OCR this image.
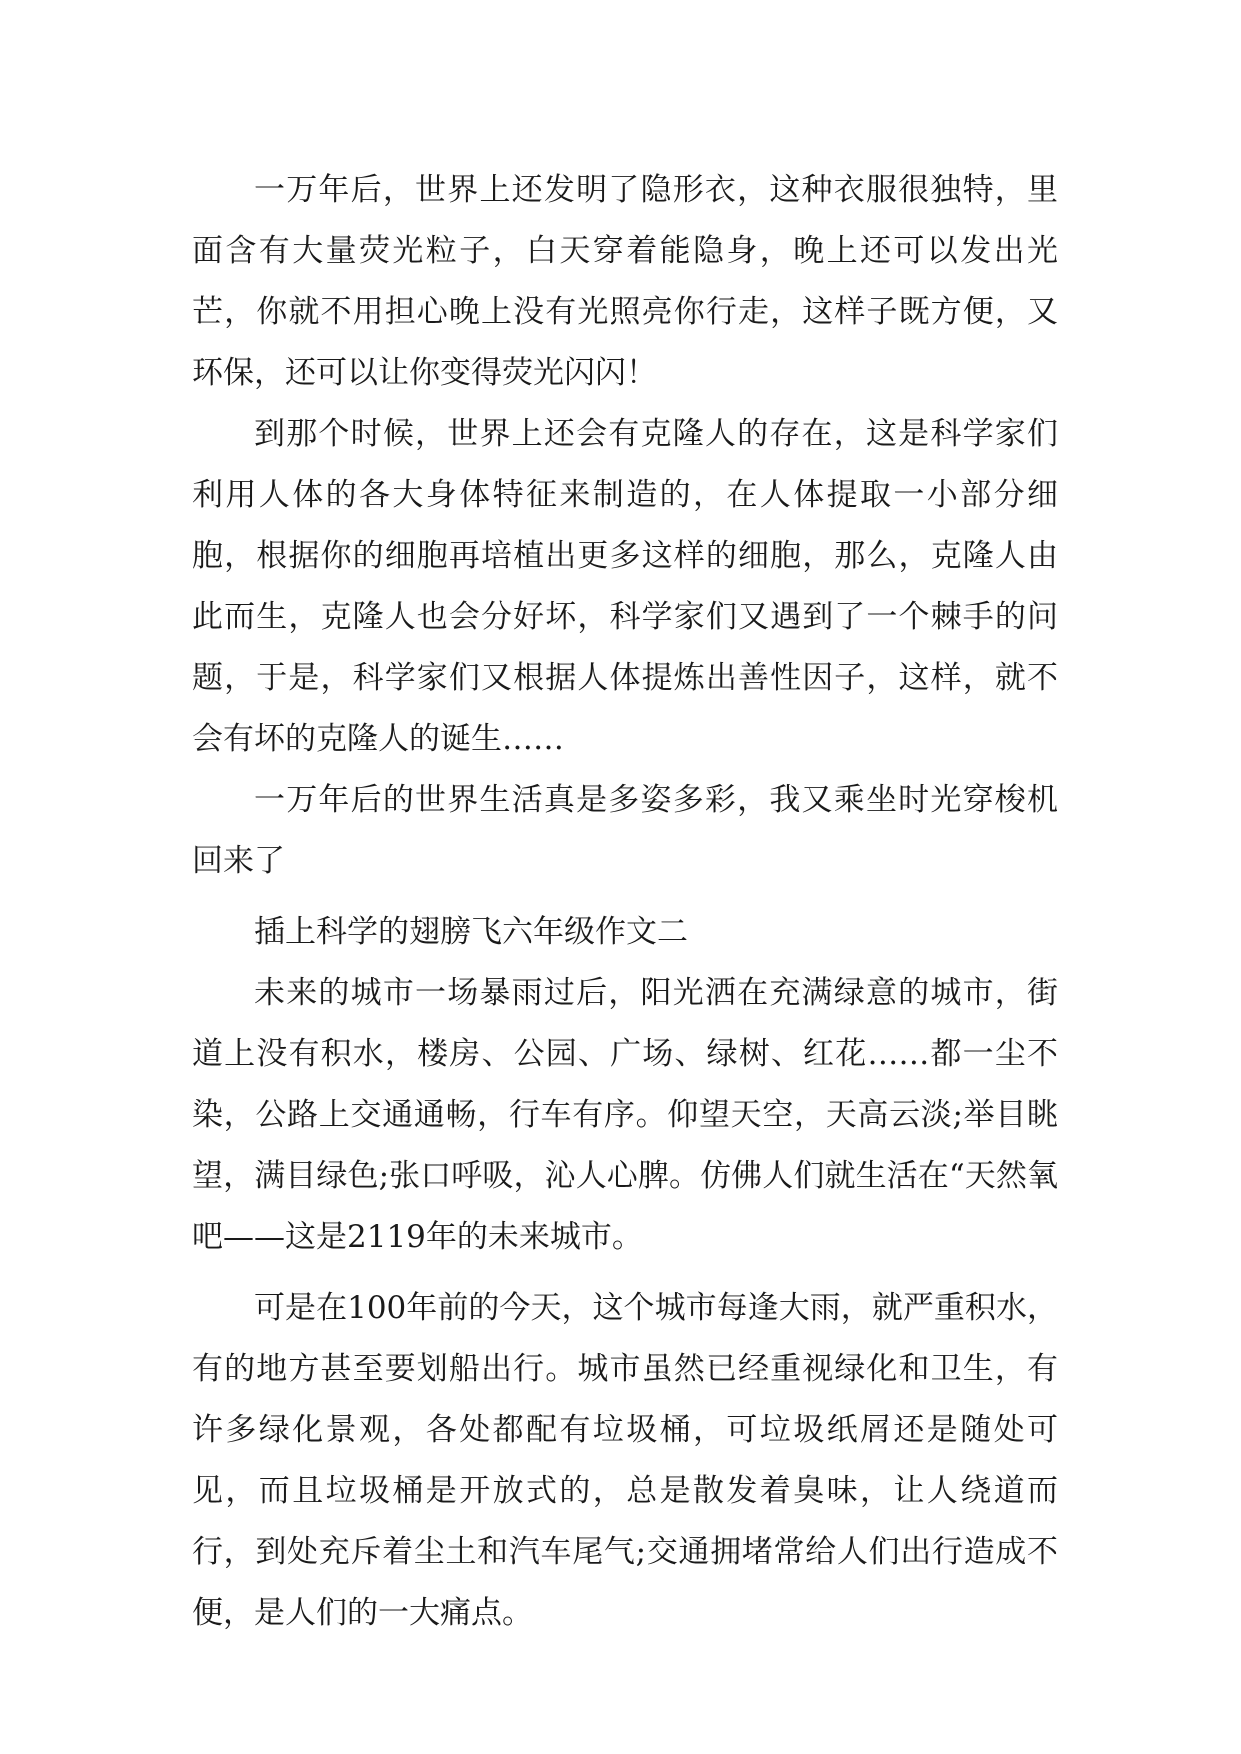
一万年后，世界上还发明了隐形衣，这种衣服很独特，里面含有大量荧光粒子，白天穿着能隐身，晚上还可以发出光芒，你就不用担心晚上没有光照亮你行走，这样子既方便，又环保，还可以让你变得荧光闪闪！

到那个时候，世界上还会有克隆人的存在，这是科学家们利用人体的各大身体特征来制造的，在人体提取一小部分细胞，根据你的细胞再培植出更多这样的细胞，那么，克隆人由此而生，克隆人也会分好坏，科学家们又遇到了一个棘手的问题，于是，科学家们又根据人体提炼出善性因子，这样，就不会有坏的克隆人的诞生……

一万年后的世界生活真是多姿多彩，我又乘坐时光穿梭机回来了

插上科学的翅膀飞六年级作文二

未来的城市一场暴雨过后，阳光洒在充满绿意的城市，街道上没有积水，楼房、公园、广场、绿树、红花……都一尘不染，公路上交通通畅，行车有序。仰望天空，天高云淡;举目眺望，满目绿色;张口呼吸，沁人心脾。仿佛人们就生活在“天然氧吧——这是2119年的未来城市。

可是在100年前的今天，这个城市每逢大雨，就严重积水，有的地方甚至要划船出行。城市虽然已经重视绿化和卫生，有许多绿化景观，各处都配有垃圾桶，可垃圾纸屑还是随处可见，而且垃圾桶是开放式的，总是散发着臭味，让人绕道而行，到处充斥着尘土和汽车尾气;交通拥堵常给人们出行造成不便，是人们的一大痛点。
